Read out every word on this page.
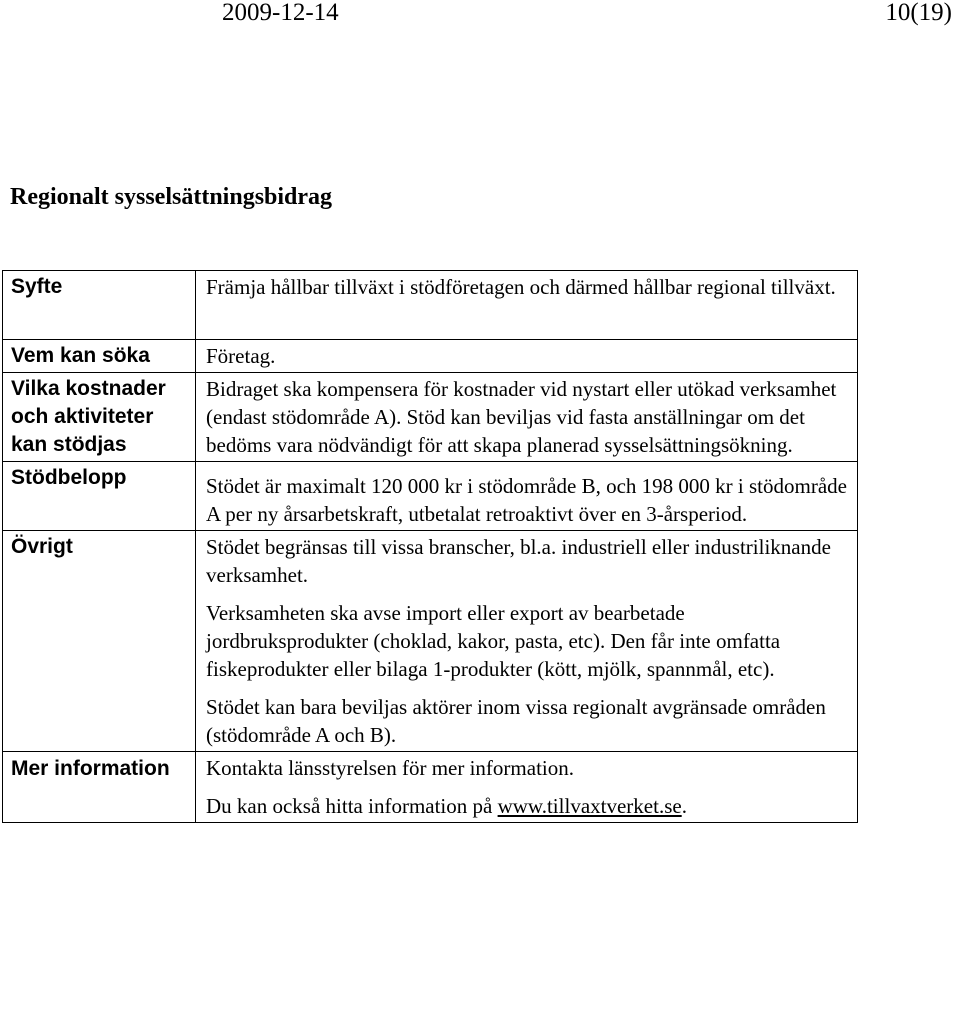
2009-12-14	10(19)
Regionalt sysselsättningsbidrag
Syfte	Främja hållbar tillväxt i stödföretagen och därmed hållbar regional tillväxt.

Vem kan söka	Företag.

Vilka kostnader och aktiviteter kan stödjas	Bidraget ska kompensera för kostnader vid nystart eller utökad verksamhet (endast stödområde A). Stöd kan beviljas vid fasta anställningar om det bedöms vara nödvändigt för att skapa planerad sysselsättningsökning.

Stödbelopp	Stödet är maximalt 120 000 kr i stödområde B, och 198 000 kr i stödområde A per ny årsarbetskraft, utbetalat retroaktivt över en 3-årsperiod.

Övrigt	Stödet begränsas till vissa branscher, bl.a. industriell eller industriliknande verksamhet.

Verksamheten ska avse import eller export av bearbetade jordbruksprodukter (choklad, kakor, pasta, etc). Den får inte omfatta fiskeprodukter eller bilaga 1-produkter (kött, mjölk, spannmål, etc).

Stödet kan bara beviljas aktörer inom vissa regionalt avgränsade områden (stödområde A och B).

Mer information	Kontakta länsstyrelsen för mer information.

Du kan också hitta information på www.tillvaxtverket.se.
